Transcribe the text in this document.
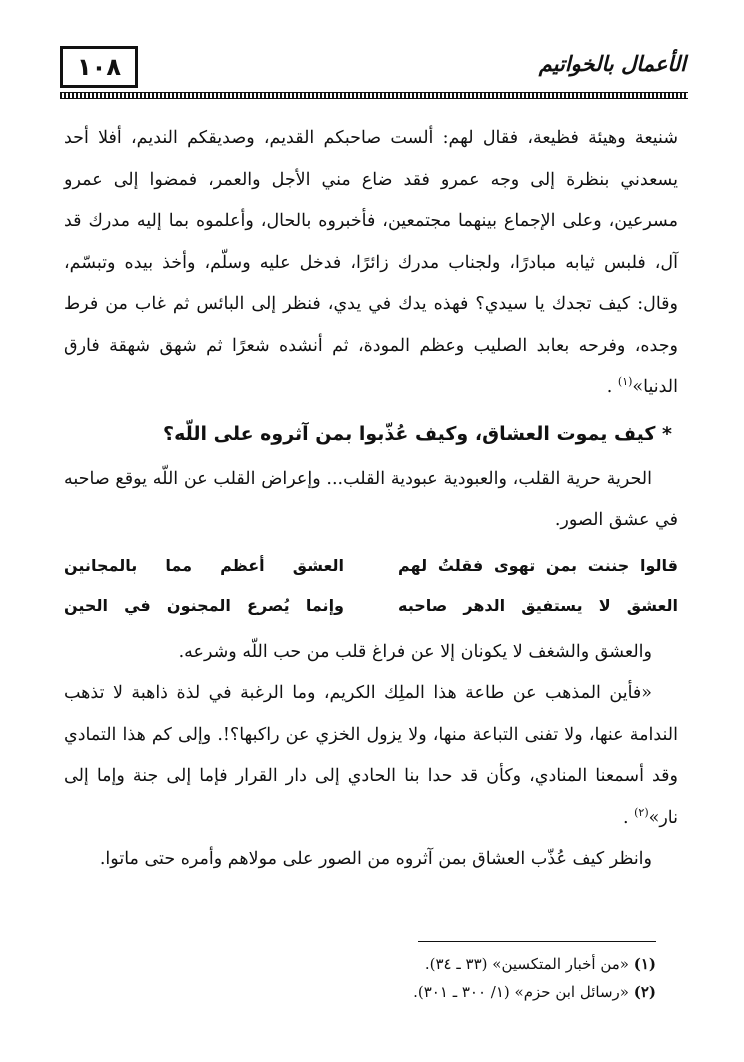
١٠٨	الأعمال بالخواتيم

شنيعة وهيئة فظيعة، فقال لهم: ألست صاحبكم القديم، وصديقكم النديم، أفلا أحد يسعدني بنظرة إلى وجه عمرو فقد ضاع مني الأجل والعمر، فمضوا إلى عمرو مسرعين، وعلى الإجماع بينهما مجتمعين، فأخبروه بالحال، وأعلموه بما إليه مدرك قد آل، فلبس ثيابه مبادرًا، ولجناب مدرك زائرًا، فدخل عليه وسلّم، وأخذ بيده وتبسّم، وقال: كيف تجدك يا سيدي؟ فهذه يدك في يدي، فنظر إلى البائس ثم غاب من فرط وجده، وفرحه بعابد الصليب وعظم المودة، ثم أنشده شعرًا ثم شهق شهقة فارق الدنيا»$^{(١)}$ .

* كيف يموت العشاق، وكيف عُذّبوا بمن آثروه على اللّه؟

الحرية حرية القلب، والعبودية عبودية القلب... وإعراض القلب عن اللّه يوقع صاحبه في عشق الصور.

قالوا جننت بمن تهوى فقلتُ لهم
العشق أعظم مما بالمجانين
العشق لا يستفيق الدهر صاحبه
وإنما يُصرع المجنون في الحين

والعشق والشغف لا يكونان إلا عن فراغ قلب من حب اللّه وشرعه.

«فأين المذهب عن طاعة هذا الملِك الكريم، وما الرغبة في لذة ذاهبة لا تذهب الندامة عنها، ولا تفنى التباعة منها، ولا يزول الخزي عن راكبها؟!. وإلى كم هذا التمادي وقد أسمعنا المنادي، وكأن قد حدا بنا الحادي إلى دار القرار فإما إلى جنة وإما إلى نار»$^{(٢)}$ .

وانظر كيف عُذّب العشاق بمن آثروه من الصور على مولاهم وأمره حتى ماتوا.

(١) «من أخبار المتكسين» (٣٣ ـ ٣٤).
(٢) «رسائل ابن حزم» (١/ ٣٠٠ ـ ٣٠١).
